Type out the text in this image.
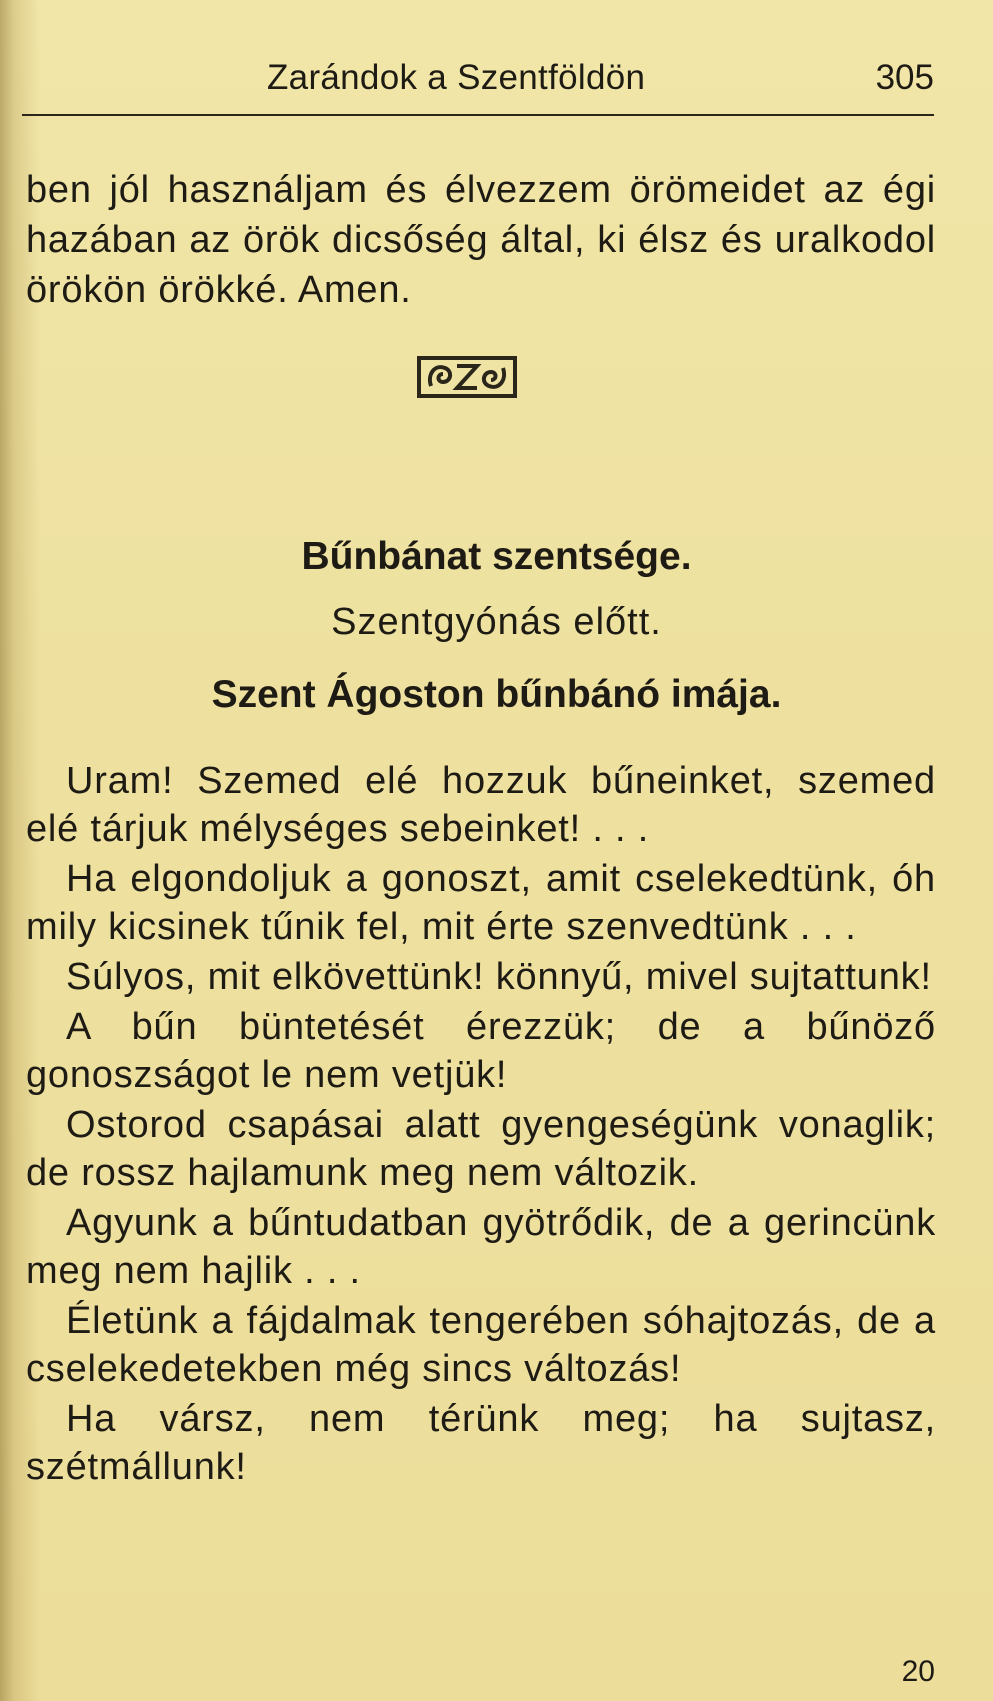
Zarándok a Szentföldön	305

ben jól használjam és élvezzem örömeidet az égi hazában az örök dicsőség által, ki élsz és uralkodol örökön örökké. Amen.

Bűnbánat szentsége.
Szentgyónás előtt.
Szent Ágoston bűnbánó imája.

Uram! Szemed elé hozzuk bűneinket, szemed elé tárjuk mélységes sebeinket! . . .

Ha elgondoljuk a gonoszt, amit cselekedtünk, óh mily kicsinek tűnik fel, mit érte szenvedtünk . . .

Súlyos, mit elkövettünk! könnyű, mivel sujtattunk!

A bűn büntetését érezzük; de a bűnöző gonoszságot le nem vetjük!

Ostorod csapásai alatt gyengeségünk vonaglik; de rossz hajlamunk meg nem változik.

Agyunk a bűntudatban gyötrődik, de a gerincünk meg nem hajlik . . .

Életünk a fájdalmak tengerében sóhajtozás, de a cselekedetekben még sincs változás!

Ha vársz, nem térünk meg; ha sujtasz, szétmállunk!

20
